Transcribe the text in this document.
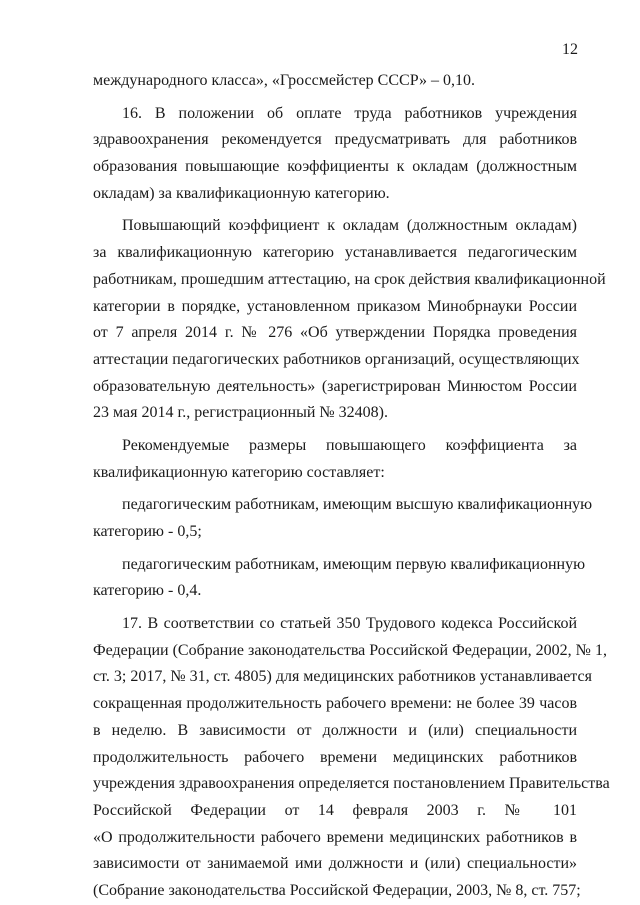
12
международного класса», «Гроссмейстер СССР» – 0,10.
16. В положении об оплате труда работников учреждения
здравоохранения рекомендуется предусматривать для работников
образования повышающие коэффициенты к окладам (должностным
окладам) за квалификационную категорию.
Повышающий коэффициент к окладам (должностным окладам)
за квалификационную категорию устанавливается педагогическим
работникам, прошедшим аттестацию, на срок действия квалификационной
категории в порядке, установленном приказом Минобрнауки России
от 7 апреля 2014 г. № 276 «Об утверждении Порядка проведения
аттестации педагогических работников организаций, осуществляющих
образовательную деятельность» (зарегистрирован Минюстом России
23 мая 2014 г., регистрационный № 32408).
Рекомендуемые размеры повышающего коэффициента за
квалификационную категорию составляет:
педагогическим работникам, имеющим высшую квалификационную
категорию - 0,5;
педагогическим работникам, имеющим первую квалификационную
категорию - 0,4.
17. В соответствии со статьей 350 Трудового кодекса Российской
Федерации (Собрание законодательства Российской Федерации, 2002, № 1,
ст. 3; 2017, № 31, ст. 4805) для медицинских работников устанавливается
сокращенная продолжительность рабочего времени: не более 39 часов
в неделю. В зависимости от должности и (или) специальности
продолжительность рабочего времени медицинских работников
учреждения здравоохранения определяется постановлением Правительства
Российской Федерации от 14 февраля 2003 г. № 101
«О продолжительности рабочего времени медицинских работников в
зависимости от занимаемой ими должности и (или) специальности»
(Собрание законодательства Российской Федерации, 2003, № 8, ст. 757;
